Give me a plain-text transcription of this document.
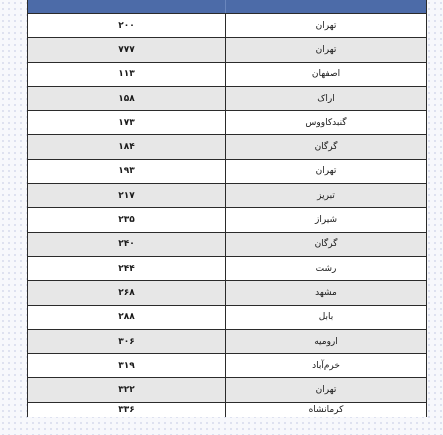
۲۰۰	تهران
۷۷۷	تهران
۱۱۳	اصفهان
۱۵۸	اراک
۱۷۳	گنبدکاووس
۱۸۴	گرگان
۱۹۳	تهران
۲۱۷	تبریز
۲۳۵	شیراز
۲۴۰	گرگان
۲۴۴	رشت
۲۶۸	مشهد
۲۸۸	بابل
۳۰۶	ارومیه
۳۱۹	خرم‌آباد
۳۲۲	تهران
۳۳۶	کرمانشاه
